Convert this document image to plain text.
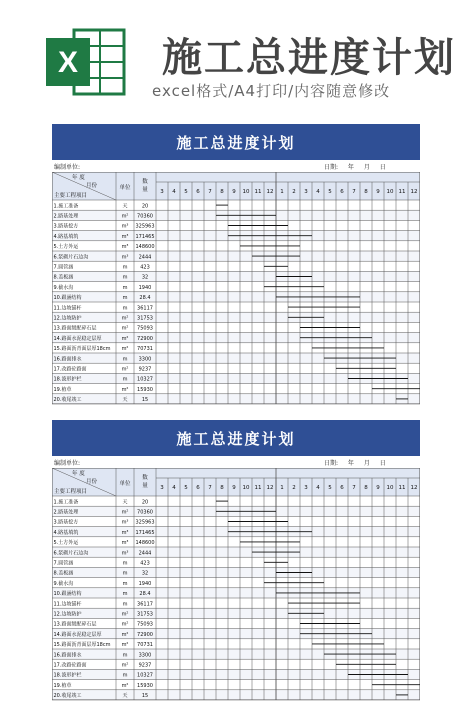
X 施工总进度计划
excel格式/A4打印/内容随意修改
施工总进度计划
编制单位:	日期: 年 月 日
年 度
月份
主要工程项目
单位
数
量 3 4 5 6 7 8 9 10 11 12 1 2 3 4 5 6 7 8 9 10 11 12
1.施工准备	天	20
2.路基处理	m² 70360
3.路基挖方	m³ 325963
4.路基填筑	m³ 171465
5.土方外运	m³ 148600
6.浆砌片石边沟	m³ 2444
7.圆管涵	m	423
8.盖板涵	m	32
9.截水沟	m 1940
10.跟涵结构	m 28.4
11.边坡锚杆	m 36117
12.边坡防护	m² 31753
13.路面级配碎石层	m² 75093
14.路面水泥稳定层厚	m² 72900
15.路面沥青面层厚18cm m² 70731
16.路面排水	m 3300
17.改路砼路面	m² 9237
18.波形护栏	m 10327
19.植草	m² 15930
20.收尾竣工	天	15
施工总进度计划
编制单位:	日期: 年 月 日
年 度
月份
主要工程项目
单位
数
量 3 4 5 6 7 8 9 10 11 12 1 2 3 4 5 6 7 8 9 10 11 12
1.施工准备	天	20
2.路基处理	m² 70360
3.路基挖方	m³ 325963
4.路基填筑	m³ 171465
5.土方外运	m³ 148600
6.浆砌片石边沟	m³ 2444
7.圆管涵	m	423
8.盖板涵	m	32
9.截水沟	m 1940
10.跟涵结构	m 28.4
11.边坡锚杆	m 36117
12.边坡防护	m² 31753
13.路面级配碎石层	m² 75093
14.路面水泥稳定层厚	m² 72900
15.路面沥青面层厚18cm m² 70731
16.路面排水	m 3300
17.改路砼路面	m² 9237
18.波形护栏	m 10327
19.植草	m² 15930
20.收尾竣工	天	15
